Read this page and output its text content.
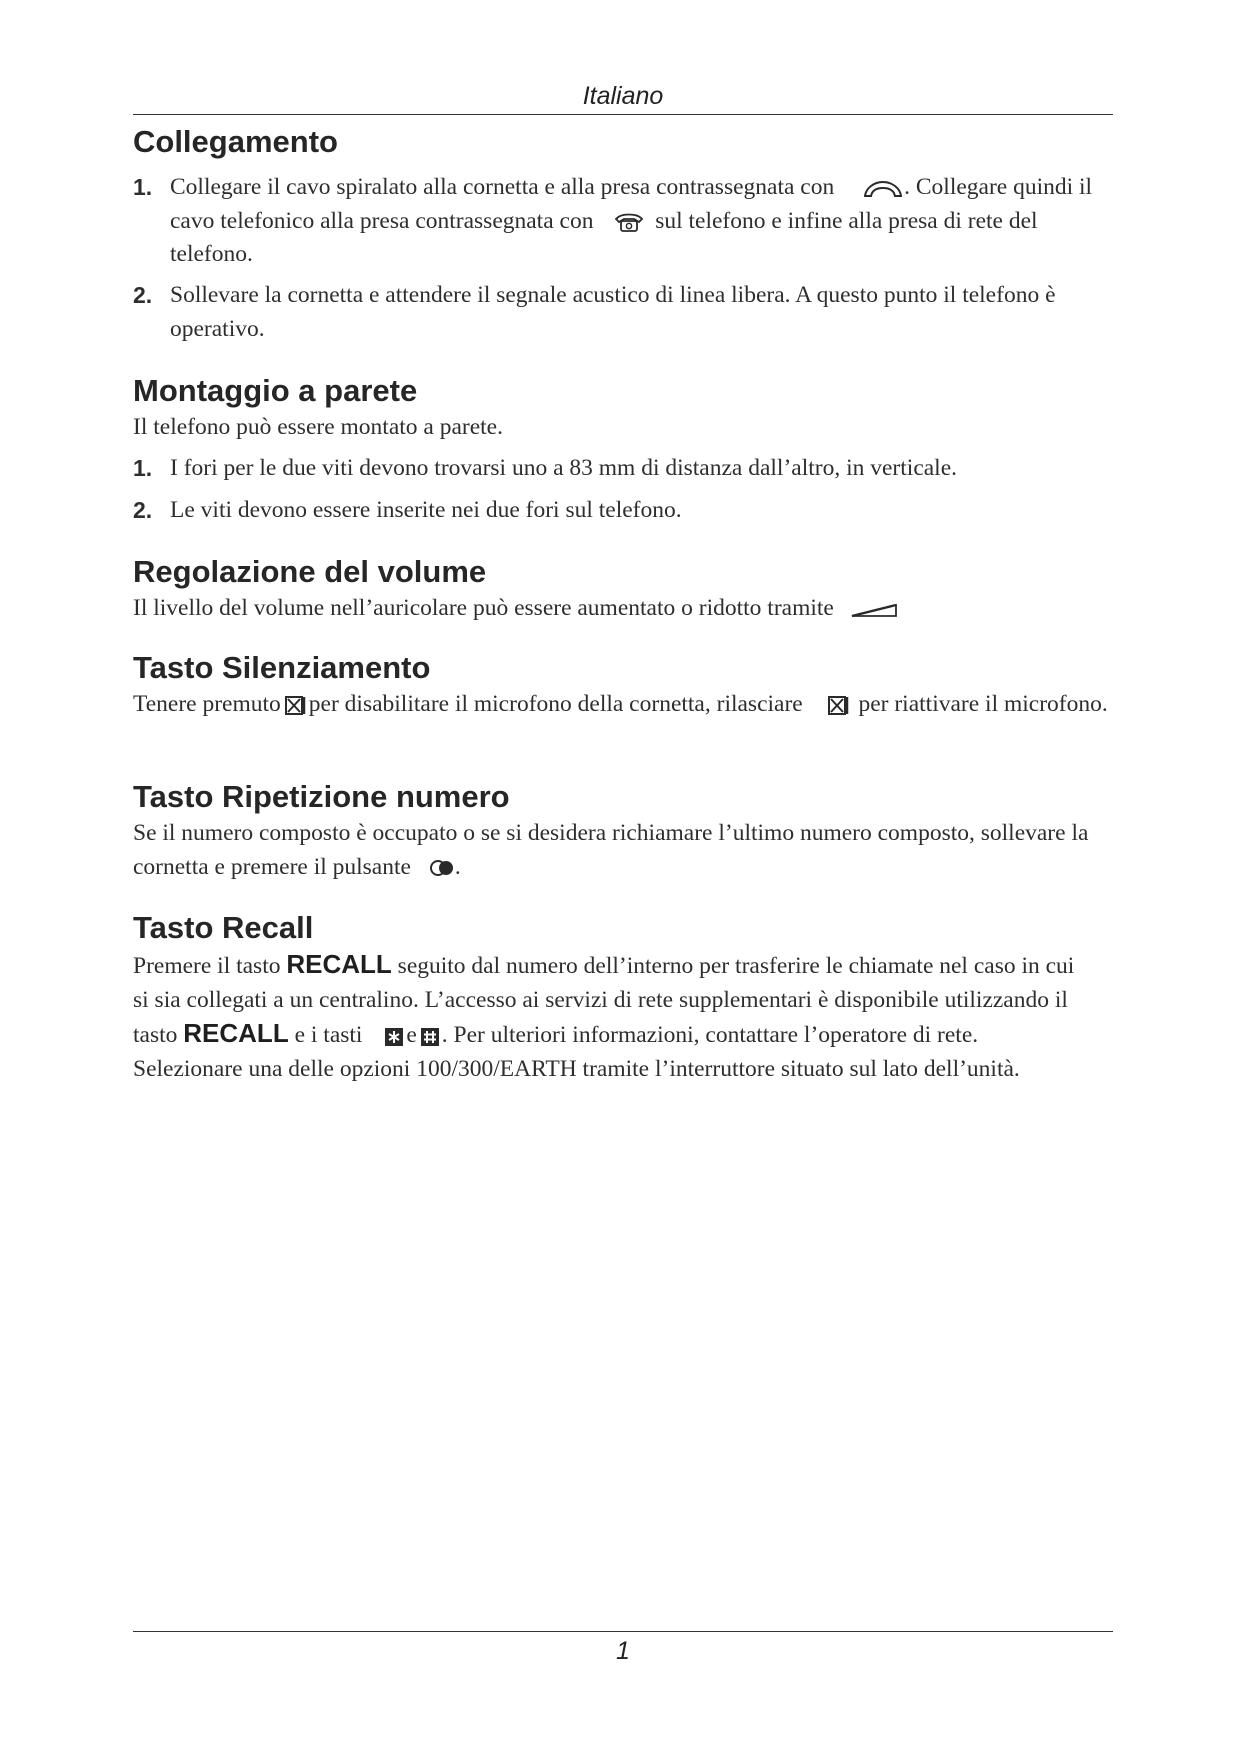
Italiano
Collegamento
1. Collegare il cavo spiralato alla cornetta e alla presa contrassegnata con	. Collegare quindi il cavo telefonico alla presa contrassegnata con	sul telefono e infine alla presa di rete del telefono.
2. Sollevare la cornetta e attendere il segnale acustico di linea libera. A questo punto il telefono è operativo.
Montaggio a parete

Il telefono può essere montato a parete.

1. I fori per le due viti devono trovarsi uno a 83 mm di distanza dall’altro, in verticale.
2. Le viti devono essere inserite nei due fori sul telefono.
Regolazione del volume

Il livello del volume nell’auricolare può essere aumentato o ridotto tramite

Tasto Silenziamento

Tenere premuto per disabilitare il microfono della cornetta, rilasciare per riattivare il microfono.

Tasto Ripetizione numero

Se il numero composto è occupato o se si desidera richiamare l’ultimo numero composto, sollevare la cornetta e premere il pulsante .

Tasto Recall

Premere il tasto RECALL seguito dal numero dell’interno per trasferire le chiamate nel caso in cui si sia collegati a un centralino. L’accesso ai servizi di rete supplementari è disponibile utilizzando il tasto RECALL e i tasti e . Per ulteriori informazioni, contattare l’operatore di rete. Selezionare una delle opzioni 100/300/EARTH tramite l’interruttore situato sul lato dell’unità.

1
